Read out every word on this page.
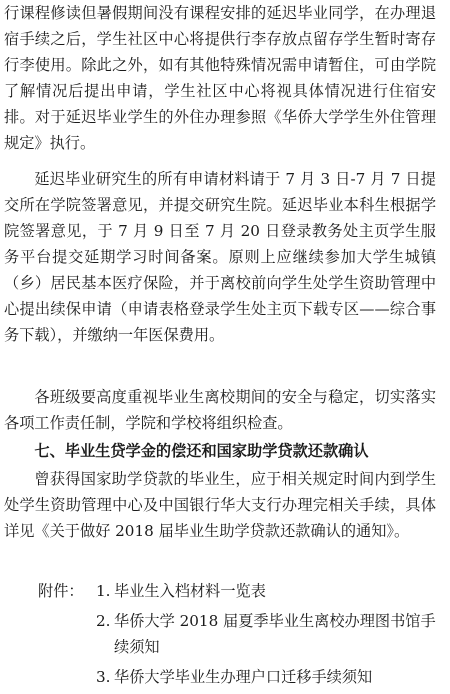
行课程修读但暑假期间没有课程安排的延迟毕业同学，在办理退宿手续之后，学生社区中心将提供行李存放点留存学生暂时寄存行李使用。除此之外，如有其他特殊情况需申请暂住，可由学院了解情况后提出申请，学生社区中心将视具体情况进行住宿安排。对于延迟毕业学生的外住办理参照《华侨大学学生外住管理规定》执行。

延迟毕业研究生的所有申请材料请于 7 月 3 日-7 月 7 日提交所在学院签署意见，并提交研究生院。延迟毕业本科生根据学院签署意见，于 7 月 9 日至 7 月 20 日登录教务处主页学生服务平台提交延期学习时间备案。原则上应继续参加大学生城镇（乡）居民基本医疗保险，并于离校前向学生处学生资助管理中心提出续保申请（申请表格登录学生处主页下载专区——综合事务下载），并缴纳一年医保费用。

各班级要高度重视毕业生离校期间的安全与稳定，切实落实各项工作责任制，学院和学校将组织检查。

七、毕业生贷学金的偿还和国家助学贷款还款确认

曾获得国家助学贷款的毕业生，应于相关规定时间内到学生处学生资助管理中心及中国银行华大支行办理完相关手续，具体详见《关于做好 2018 届毕业生助学贷款还款确认的通知》。

附件： 1. 毕业生入档材料一览表
2. 华侨大学 2018 届夏季毕业生离校办理图书馆手续须知
3. 华侨大学毕业生办理户口迁移手续须知
